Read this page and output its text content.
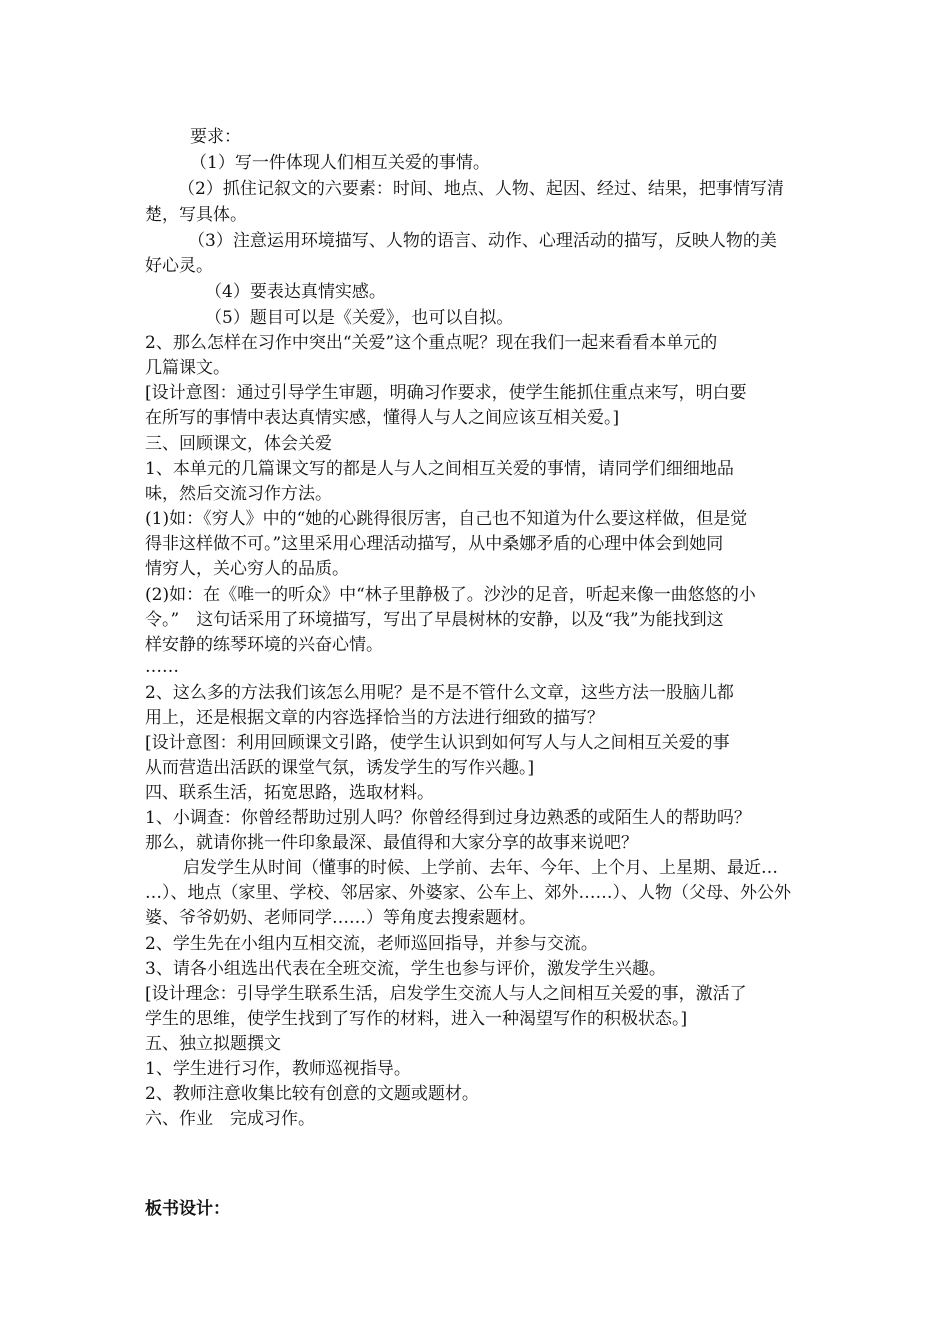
要求：
（1）写一件体现人们相互关爱的事情。
（2）抓住记叙文的六要素：时间、地点、人物、起因、经过、结果，把事情写清
楚，写具体。
（3）注意运用环境描写、人物的语言、动作、心理活动的描写，反映人物的美
好心灵。
（4）要表达真情实感。
（5）题目可以是《关爱》，也可以自拟。
2、那么怎样在习作中突出“关爱”这个重点呢？现在我们一起来看看本单元的
几篇课文。
[设计意图：通过引导学生审题，明确习作要求，使学生能抓住重点来写，明白要
在所写的事情中表达真情实感，懂得人与人之间应该互相关爱。]
三、回顾课文，体会关爱
1、本单元的几篇课文写的都是人与人之间相互关爱的事情，请同学们细细地品
味，然后交流习作方法。
(1)如：《穷人》中的“她的心跳得很厉害，自己也不知道为什么要这样做，但是觉
得非这样做不可。”这里采用心理活动描写，从中桑娜矛盾的心理中体会到她同
情穷人，关心穷人的品质。
(2)如：在《唯一的听众》中“林子里静极了。沙沙的足音，听起来像一曲悠悠的小
令。”　这句话采用了环境描写，写出了早晨树林的安静，以及“我”为能找到这
样安静的练琴环境的兴奋心情。
……
2、这么多的方法我们该怎么用呢？是不是不管什么文章，这些方法一股脑儿都
用上，还是根据文章的内容选择恰当的方法进行细致的描写？
[设计意图：利用回顾课文引路，使学生认识到如何写人与人之间相互关爱的事
从而营造出活跃的课堂气氛，诱发学生的写作兴趣。]
四、联系生活，拓宽思路，选取材料。
1、小调查：你曾经帮助过别人吗？你曾经得到过身边熟悉的或陌生人的帮助吗？
那么，就请你挑一件印象最深、最值得和大家分享的故事来说吧？
启发学生从时间（懂事的时候、上学前、去年、今年、上个月、上星期、最近…
…）、地点（家里、学校、邻居家、外婆家、公车上、郊外……）、人物（父母、外公外
婆、爷爷奶奶、老师同学……）等角度去搜索题材。
2、学生先在小组内互相交流，老师巡回指导，并参与交流。
3、请各小组选出代表在全班交流，学生也参与评价，激发学生兴趣。
[设计理念：引导学生联系生活，启发学生交流人与人之间相互关爱的事，激活了
学生的思维，使学生找到了写作的材料，进入一种渴望写作的积极状态。]
五、独立拟题撰文
1、学生进行习作，教师巡视指导。
2、教师注意收集比较有创意的文题或题材。
六、作业　完成习作。
板书设计：
